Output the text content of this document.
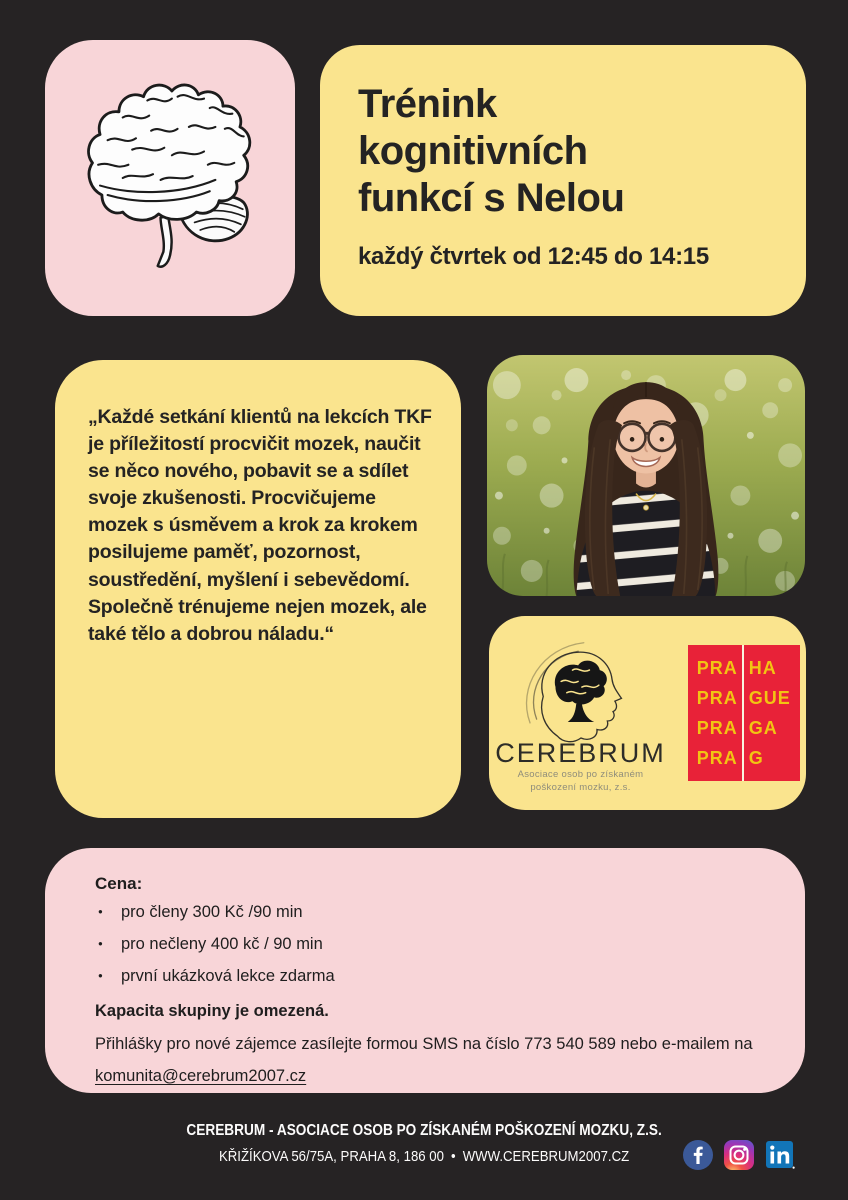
Trénink
kognitivních
funkcí s Nelou
každý čtvrtek od 12:45 do 14:15

„Každé setkání klientů na lekcích TKF je příležitostí procvičit mozek, naučit se něco nového, pobavit se a sdílet svoje zkušenosti. Procvičujeme mozek s úsměvem a krok za krokem posilujeme paměť, pozornost, soustředění, myšlení i sebevědomí. Společně trénujeme nejen mozek, ale také tělo a dobrou náladu.“

CEREBRUM
Asociace osob po získaném
poškození mozku, z.s.
PRA
PRA
PRA
PRA
HA
GUE
GA
G

Cena:

● pro členy 300 Kč /90 min
● pro nečleny 400 kč / 90 min
● první ukázková lekce zdarma

Kapacita skupiny je omezená.

Přihlášky pro nové zájemce zasílejte formou SMS na číslo 773 540 589 nebo e-mailem na

komunita@cerebrum2007.cz
CEREBRUM - ASOCIACE OSOB PO ZÍSKANÉM POŠKOZENÍ MOZKU, Z.S.
KŘIŽÍKOVA 56/75A, PRAHA 8, 186 00 • WWW.CEREBRUM2007.CZ
